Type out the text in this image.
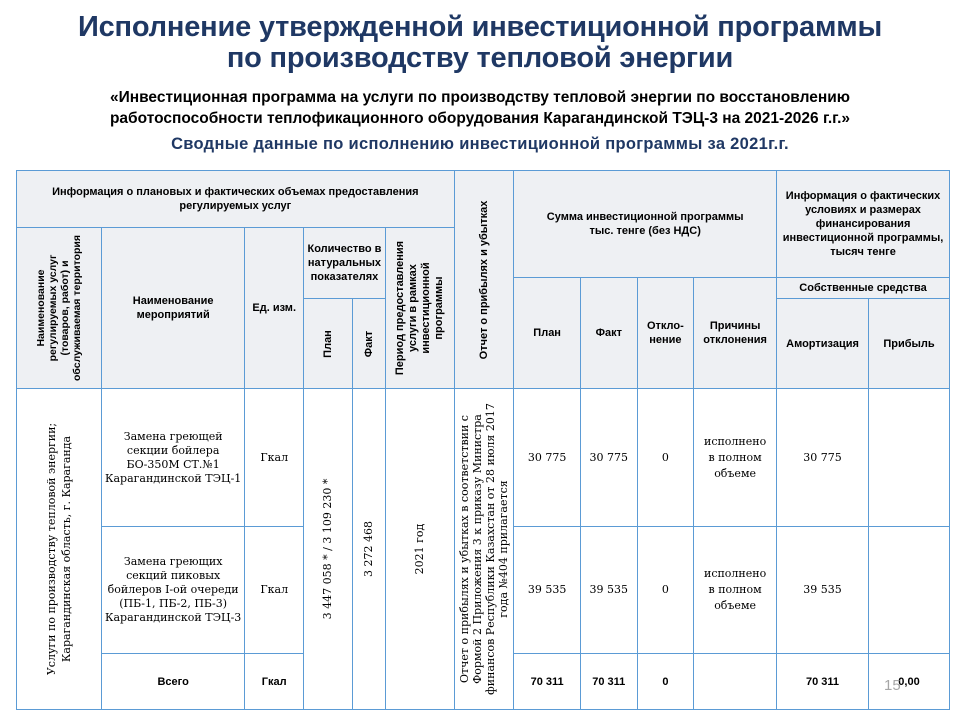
Исполнение утвержденной инвестиционной программы
по производству тепловой энергии
«Инвестиционная программа на услуги по производству тепловой энергии по восстановлению
работоспособности теплофикационного оборудования Карагандинской ТЭЦ-3 на 2021-2026 г.г.»
Сводные данные по исполнению инвестиционной программы за 2021г.г.
Информация о плановых и фактических объемах предоставления регулируемых услуг						Отчет о прибылях и убытках	Сумма инвестиционной программы тыс. тенге (без НДС)				Информация о фактических условиях и размерах финансирования инвестиционной программы, тысяч тенге	

Наименование регулируемых услуг (товаров, работ) и обслуживаемая территория	Наименование мероприятий	Ед. изм.	Количество в натуральных показателях		Период предоставления услуги в рамках инвестиционной программы							

							План	Факт	Откло-нение	Причины отклонения	Собственные средства	

			План	Факт							Амортизация	Прибыль

Услуги по производству тепловой энергии; Карагандинская область, г. Караганда	Замена греющей секции бойлера БО-350М СТ.№1 Карагандинской ТЭЦ-1	Гкал	3 447 058 * / 3 109 230 *	3 272 468	2021 год	Отчет о прибылях и убытках в соответствии с Формой 2 Приложения 3 к приказу Министра финансов Республики Казахстан от 28 июля 2017 года №404 прилагается	30 775	30 775	0	исполнено в полном объеме	30 775	
	Замена греющих секций пиковых бойлеров I-ой очереди (ПБ-1, ПБ-2, ПБ-3) Карагандинской ТЭЦ-3	Гкал					39 535	39 535	0	исполнено в полном объеме	39 535	
	Всего	Гкал					70 311	70 311	0		70 311	0,00
15
